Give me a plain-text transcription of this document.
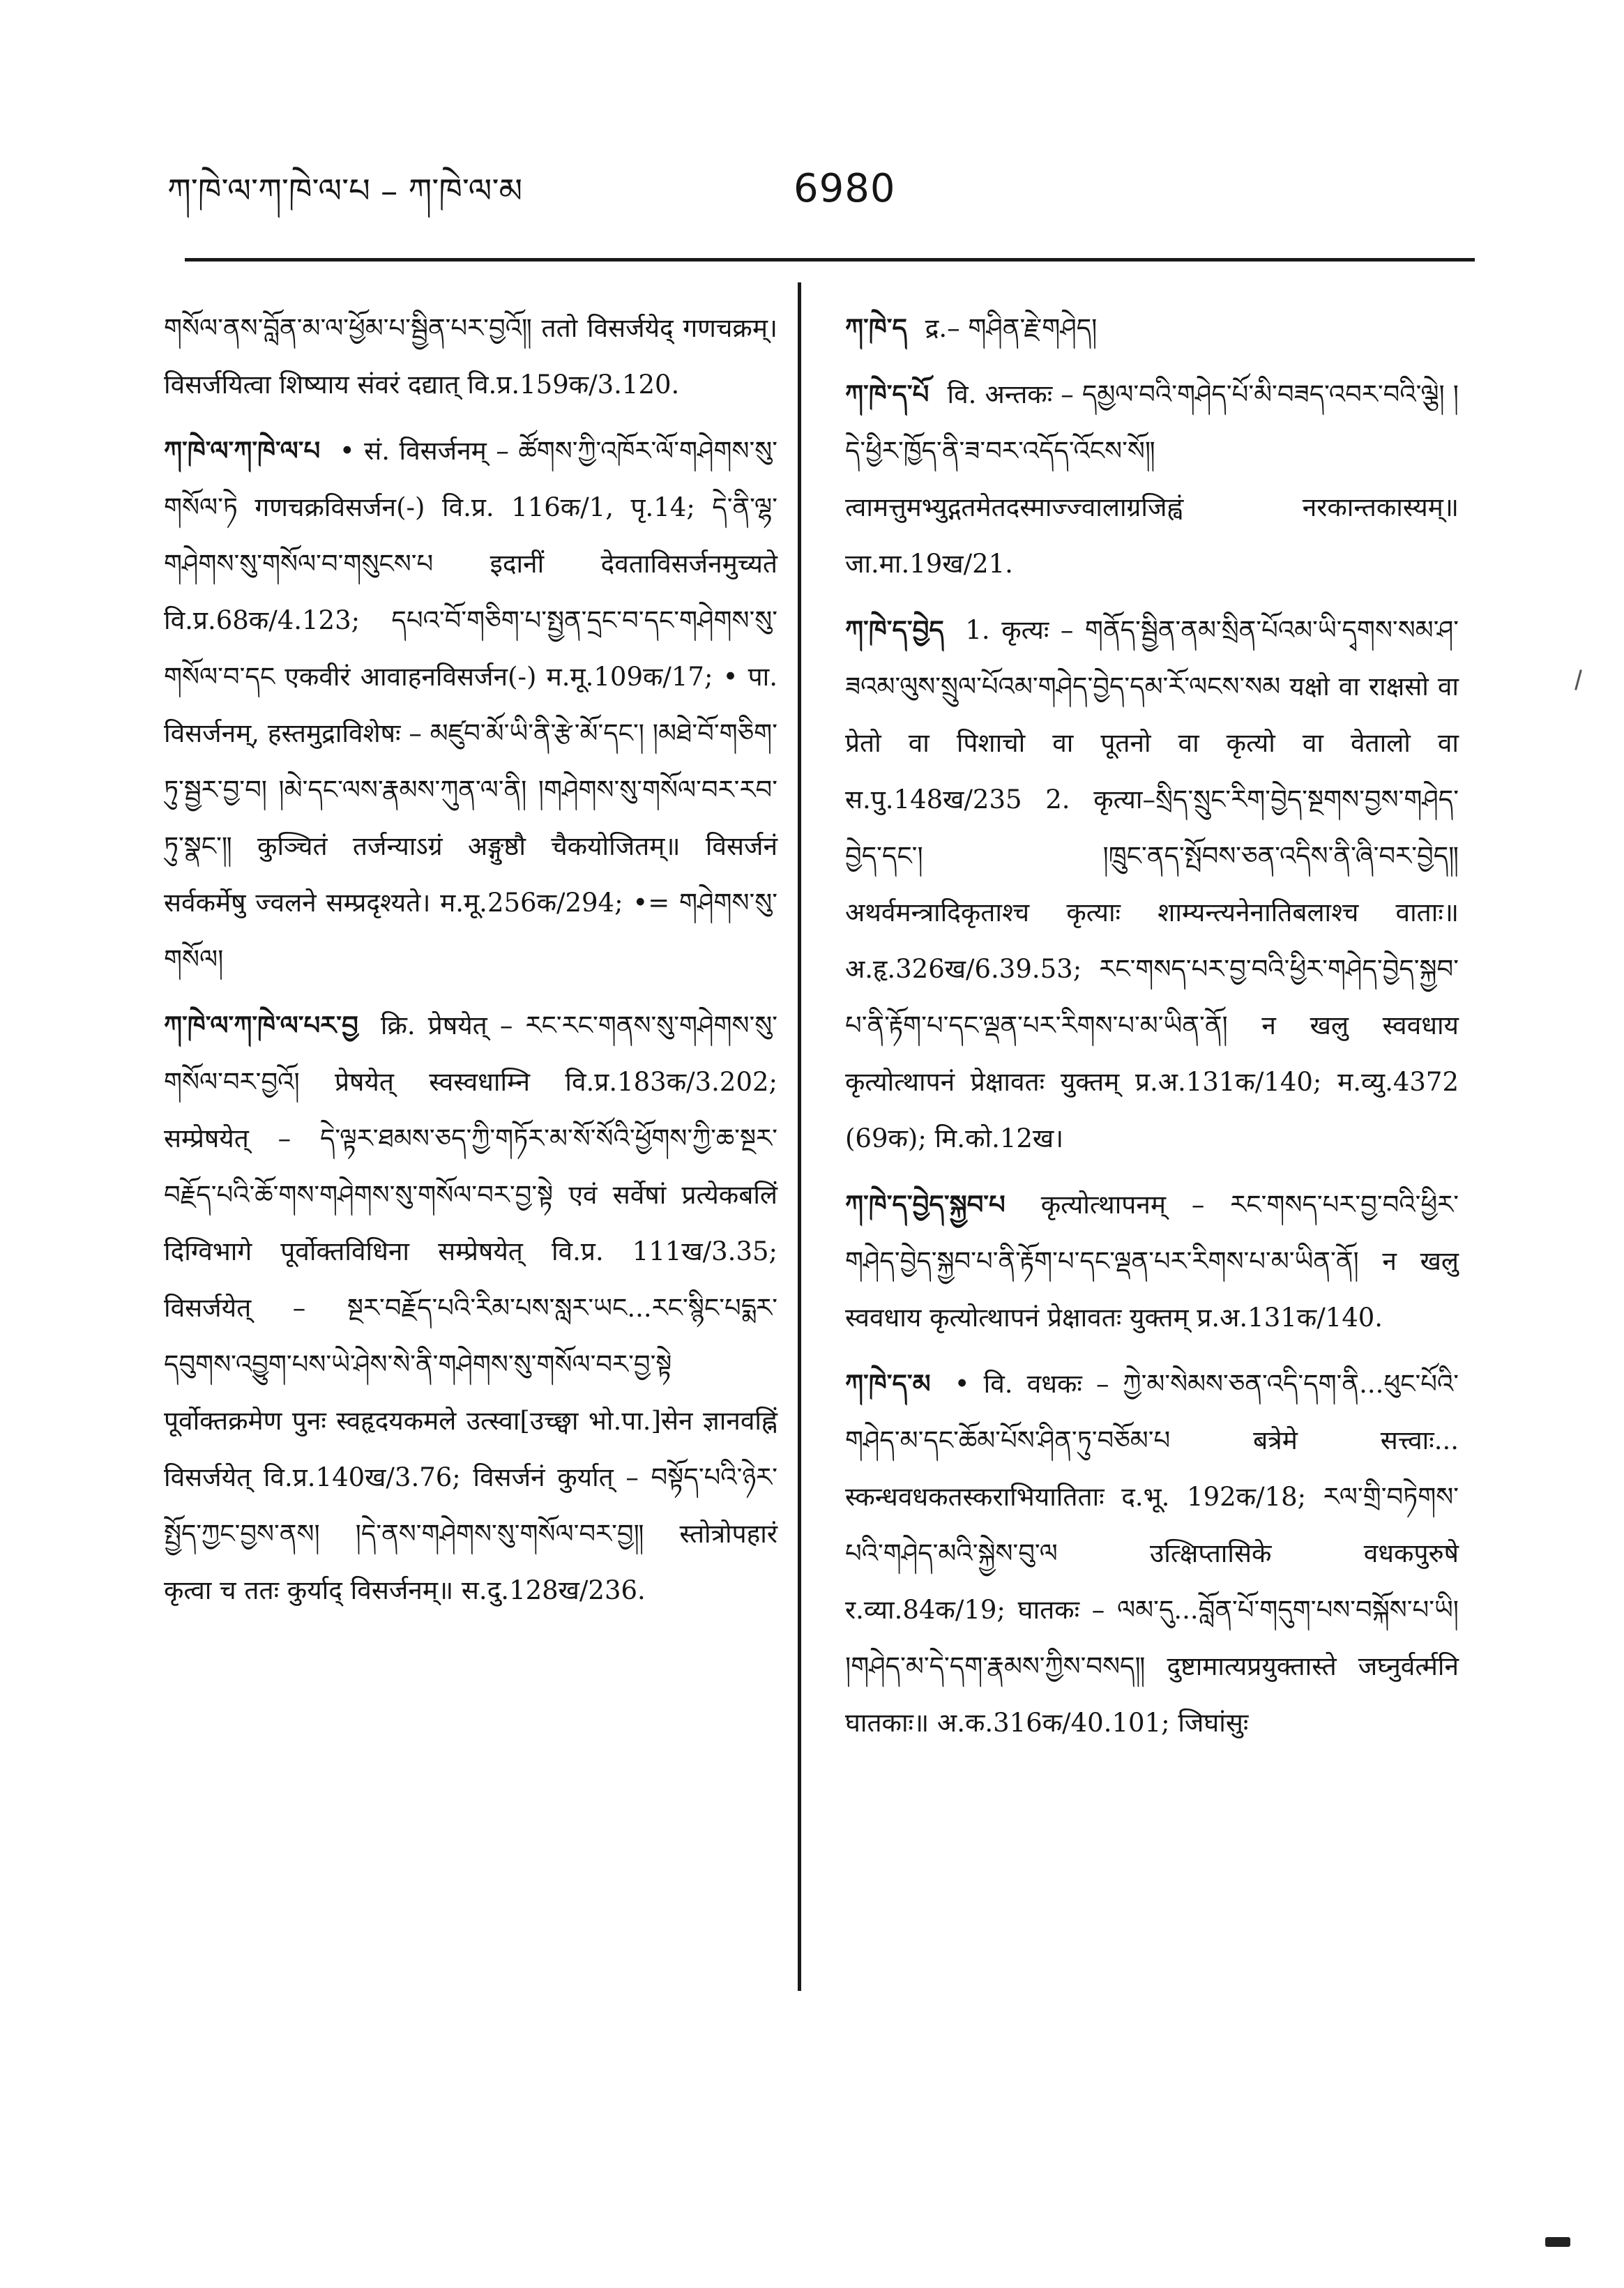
ཀ་ཁེ་ལ་ཀ་ཁེ་ལ་པ – ཀ་ཁེ་ལ་མ	6980
གསོལ་ནས་བློན་མ་ལ་ཕྱོམ་པ་སྦྱིན་པར་བྱའོ༎ ततो विसर्जयेद् गणचक्रम्। विसर्जयित्वा शिष्याय संवरं दद्यात् वि.प्र.159क/3.120.
ཀ་ཁེ་ལ་ཀ་ཁེ་ལ་པ • सं. विसर्जनम् – ཚོགས་ཀྱི་འཁོར་ལོ་གཤེགས་སུ་གསོལ་ཏེ गणचक्रविसर्जन(-) वि.प्र. 116क/1, पृ.14; དེ་ནི་ལྷ་གཤེགས་སུ་གསོལ་བ་གསུངས་པ इदानीं देवताविसर्जनमुच्यते वि.प्र.68क/4.123; དཔའ་བོ་གཅིག་པ་སྤྱན་དྲང་བ་དང་གཤེགས་སུ་གསོལ་བ་དང एकवीरं आवाहनविसर्जन(-) म.मू.109क/17; • पा. विसर्जनम्, हस्तमुद्राविशेषः – མཛུབ་མོ་ཡི་ནི་རྩེ་མོ་དང་། །མཐེ་བོ་གཅིག་ཏུ་སྦྱར་བྱ་བ། །མེ་དང་ལས་རྣམས་ཀུན་ལ་ནི། །གཤེགས་སུ་གསོལ་བར་རབ་ཏུ་སྣང་༎ कुञ्चितं तर्जन्याऽग्रं अङ्गुष्ठौ चैकयोजितम्॥ विसर्जनं सर्वकर्मेषु ज्वलने सम्प्रदृश्यते। म.मू.256क/294; •= གཤེགས་སུ་གསོལ།
ཀ་ཁེ་ལ་ཀ་ཁེ་ལ་པར་བྱ क्रि. प्रेषयेत् – རང་རང་གནས་སུ་གཤེགས་སུ་གསོལ་བར་བྱའོ། प्रेषयेत् स्वस्वधाम्नि वि.प्र.183क/3.202; सम्प्रेषयेत् – དེ་ལྟར་ཐམས་ཅད་ཀྱི་གཏོར་མ་སོ་སོའི་ཕྱོགས་ཀྱི་ཆ་སྔར་བརྗོད་པའི་ཆོ་གས་གཤེགས་སུ་གསོལ་བར་བྱ་སྟེ एवं सर्वेषां प्रत्येकबलिं दिग्विभागे पूर्वोक्तविधिना सम्प्रेषयेत् वि.प्र. 111ख/3.35; विसर्जयेत् – སྔར་བརྗོད་པའི་རིམ་པས་སླར་ཡང...རང་སྙིང་པདྨར་དབུགས་འབྱུག་པས་ཡེ་ཤེས་སེ་ནི་གཤེགས་སུ་གསོལ་བར་བྱ་སྟེ पूर्वोक्तक्रमेण पुनः स्वहृदयकमले उत्स्वा[उच्छ्वा भो.पा.]सेन ज्ञानवह्निं विसर्जयेत् वि.प्र.140ख/3.76; विसर्जनं कुर्यात् – བསྟོད་པའི་ཉེར་སྤྱོད་ཀྱང་བྱས་ནས། །དེ་ནས་གཤེགས་སུ་གསོལ་བར་བྱ༎ स्तोत्रोपहारं कृत्वा च ततः कुर्याद् विसर्जनम्॥ स.दु.128ख/236.
ཀ་ཁེ་ད द्र.– གཤིན་རྗེ་གཤེད།
ཀ་ཁེ་ད་པོ वि. अन्तकः – དམྱལ་བའི་གཤེད་པོ་མི་བཟད་འབར་བའི་ལྕེ། །དེ་ཕྱིར་ཁྱོད་ནི་ཟ་བར་འདོད་འོངས་སོ༎ त्वामत्तुमभ्युद्गतमेतदस्माज्ज्वालाग्रजिह्वं नरकान्तकास्यम्॥ जा.मा.19ख/21.
ཀ་ཁེ་ད་བྱེད 1. कृत्यः – གནོད་སྦྱིན་ནམ་སྲིན་པོའམ་ཡི་དྭགས་སམ་ཤ་ཟའམ་ལུས་སྲུལ་པོའམ་གཤེད་བྱེད་དམ་རོ་ལངས་སམ यक्षो वा राक्षसो वा प्रेतो वा पिशाचो वा पूतनो वा कृत्यो वा वेतालो वा स.पु.148ख/235 2. कृत्या–སྲིད་སྲུང་རིག་བྱེད་སྔགས་བྱས་གཤེད་བྱེད་དང་། །ཁྲུང་ནད་སྤོབས་ཅན་འདིས་ནི་ཞི་བར་བྱེད༎ अथर्वमन्त्रादिकृताश्च कृत्याः शाम्यन्त्यनेनातिबलाश्च वाताः॥ अ.हृ.326ख/6.39.53; རང་གསད་པར་བྱ་བའི་ཕྱིར་གཤེད་བྱེད་སྐྱབ་པ་ནི་རྟོག་པ་དང་ལྡན་པར་རིགས་པ་མ་ཡིན་ནོ། न खलु स्ववधाय कृत्योत्थापनं प्रेक्षावतः युक्तम् प्र.अ.131क/140; म.व्यु.4372 (69क); मि.को.12ख।
ཀ་ཁེ་ད་བྱེད་སྐྱབ་པ कृत्योत्थापनम् – རང་གསད་པར་བྱ་བའི་ཕྱིར་གཤེད་བྱེད་སྐྱབ་པ་ནི་རྟོག་པ་དང་ལྡན་པར་རིགས་པ་མ་ཡིན་ནོ། न खलु स्ववधाय कृत्योत्थापनं प्रेक्षावतः युक्तम् प्र.अ.131क/140.
ཀ་ཁེ་ད་མ • वि. वधकः – ཀྱེ་མ་སེམས་ཅན་འདི་དག་ནི...ཕུང་པོའི་གཤེད་མ་དང་ཆོམ་པོས་ཤིན་ཏུ་བཅོམ་པ बत्रेमे सत्त्वाः... स्कन्धवधकतस्कराभियातिताः द.भू. 192क/18; རལ་གྲི་བཏེགས་པའི་གཤེད་མའི་སྐྱེས་བུ་ལ उत्क्षिप्तासिके वधकपुरुषे र.व्या.84क/19; घातकः – ལམ་དུ...བློན་པོ་གདུག་པས་བསྐོས་པ་ཡི། །གཤེད་མ་དེ་དག་རྣམས་ཀྱིས་བསད༎ दुष्टामात्यप्रयुक्तास्ते जघ्नुर्वर्त्मनि घातकाः॥ अ.क.316क/40.101; जिघांसुः
